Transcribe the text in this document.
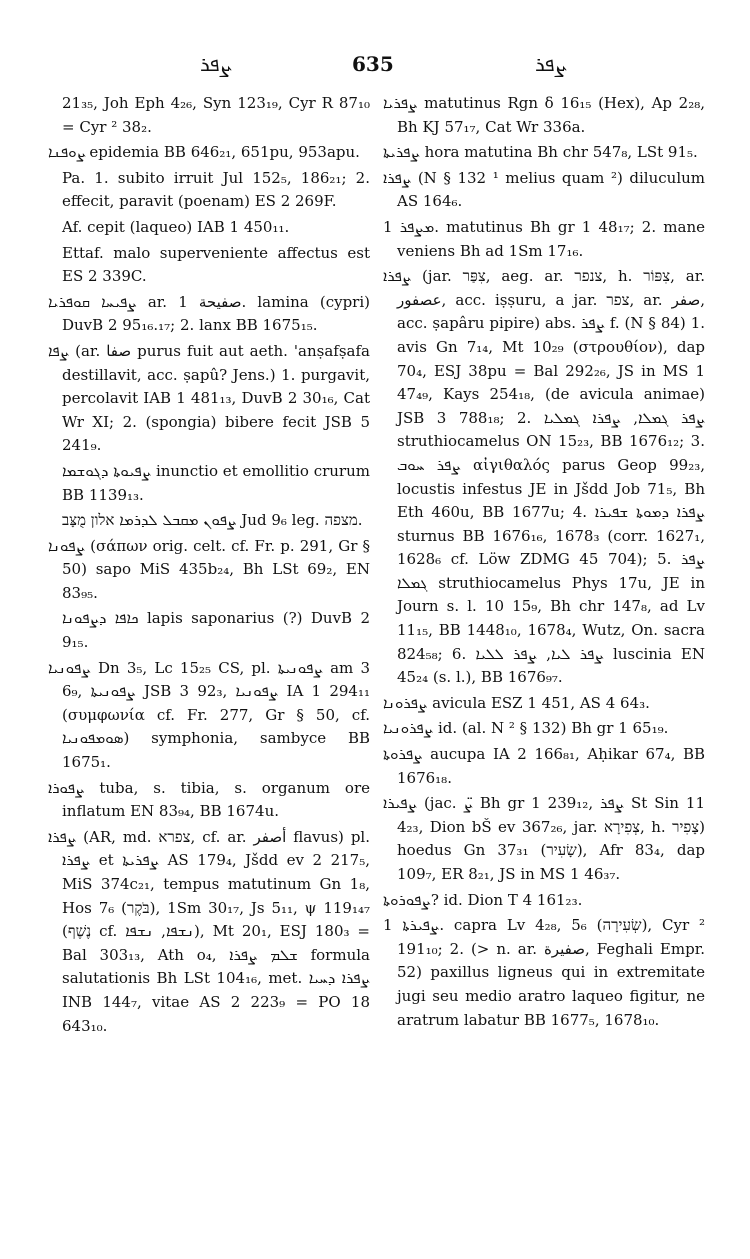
ܨܦܪ	635	ܨܦܪ

21₃₅, Joh Eph 4₂₆, Syn 123₁₉, Cyr R 87₁₀ = Cyr ² 38₂.

ܨܘܦܢܐ epidemia BB 646₂₁, 651pu, 953apu.

Pa. 1. subito irruit Jul 152₅, 186₂₁; 2. effecit, paravit (poenam) ES 2 269F.

Af. cepit (laqueo) IAB 1 450₁₁.

Ettaf. malo superveniente affectus est ES 2 339C.

ܨܦܝܚܐ ܩܘܦܪܝܐ ar. صفيحة 1. lamina (cypri) DuvB 2 95₁₆.₁₇; 2. lanx BB 1675₁₅.

ܨܦܐ (ar. صفا purus fuit aut aeth. 'anṣafṣafa destillavit, acc. ṣapû? Jens.) 1. purgavit, percolavit IAB 1 481₁₃, DuvB 2 30₁₆, Cat Wr XI; 2. (spongia) bibere fecit JSB 5 241₉.

ܨܦܝܘܬܐ ܕܓܘܫܡܐ inunctio et emollitio crurum BB 1139₁₃.

ܨܦܘܢ ܡܩܒܠ ܠܕܪܡܐ אלון מֻצָּב Jud 9₆ leg. מצפה.

ܨܦܘܢܐ (σάπων orig. celt. cf. Fr. p. 291, Gr § 50) sapo MiS 435b₂₄, Bh LSt 69₂, EN 83₉₅.

ܟܐܦܐ ܕܨܦܘܢܐ lapis saponarius (?) DuvB 2 9₁₅.

ܨܦܘܢܝܐ Dn 3₅, Lc 15₂₅ CS, pl. ܨܦܘܢܝܬܐ am 3 6₉, ܨܦܘܢܝܬܐ JSB 3 92₃, ܨܦܘܢܝܐ IA 1 294₁₁ (συμφωνία cf. Fr. 277, Gr § 50, cf. ܣܘܡܦܘܢܝܐ) symphonia, sambyce BB 1675₁.

ܨܦܘܪܐ tuba, s. tibia, s. organum ore inflatum EN 83₉₄, BB 1674u.

ܨܦܪܐ (AR, md. צפרא, cf. ar. أصفر flavus) pl. ܨܦܪܐ et ܨܦܪܝܬܐ AS 179₄, Jšdd ev 2 217₅, MiS 374c₂₁, tempus matutinum Gn 1₈, Hos 7₆ (בֹּקֶר), 1Sm 30₁₇, Js 5₁₁, ψ 119₁₄₇ (נֶשֶׁף cf. ܢܫܦܐ, ܢܫܦܐ), Mt 20₁, ESJ 180₃ = Bal 303₁₃, Ath o₄, ܫܠܡ ܨܦܪܐ formula salutationis Bh LSt 104₁₆, met. ܨܦܪܐ ܕܚܝܐ INB 144₇, vitae AS 2 223₉ = PO 18 643₁₀.

ܨܦܪܝܐ matutinus Rgn δ 16₁₅ (Hex), Ap 2₂₈, Bh KJ 57₁₇, Cat Wr 336a.

ܨܦܪܝܬܐ hora matutina Bh chr 547₈, LSt 91₅.

ܨܦܪܐ (N § 132 ¹ melius quam ²) diluculum AS 164₆.

ܡܨܦܪ 1. matutinus Bh gr 1 48₁₇; 2. mane veniens Bh ad 1Sm 17₁₆.

ܨܦܪܐ (jar. צִפַּר, aeg. ar. צנפר, h. צִפּוֹר, ar. عصفور, acc. iṣṣuru, a jar. צפר, ar. صفر, acc. ṣapâru pipire) abs. ܨܦܪ f. (N § 84) 1. avis Gn 7₁₄, Mt 10₂₉ (στρουθίον), dap 70₄, ESJ 38pu = Bal 292₂₆, JS in MS 1 47₄₉, Kays 254₁₈, (de avicula animae) JSB 3 788₁₈; 2. ܨܦܪ ܓܡܠܐ, ܨܦܪܐ ܓܡܠܝܐ struthiocamelus ON 15₂₃, BB 1676₁₂; 3. ܨܦܪ ܚܘܒ αἰγιθαλός parus Geop 99₂₃, locustis infestus JE in Jšdd Job 71₅, Bh Eth 460u, BB 1677u; 4. ܨܦܪܐ ܕܡܘܬܐ ܫܦܝܪܐ sturnus BB 1676₁₆, 1678₃ (corr. 1627₁, 1628₆ cf. Löw ZDMG 45 704); 5. ܨܦܪ ܓܡܠܐ struthiocamelus Phys 17u, JE in Journ s. l. 10 15₉, Bh chr 147₈, ad Lv 11₁₅, BB 1448₁₀, 1678₄, Wutz, On. sacra 824₅₈; 6. ܨܦܪ ܠܝܐ, ܨܦܪ ܠܠܝܐ luscinia EN 45₂₄ (s. l.), BB 1676₉₇.

ܨܦܪܘܢܐ avicula ESZ 1 451, AS 4 64₃.

ܨܦܪܘܢܝܐ id. (al. N ² § 132) Bh gr 1 65₁₉.

ܨܦܪܘܬܐ aucupa IA 2 166₈₁, Aḥikar 67₄, BB 1676₁₈.

ܨܦܝܪܐ (jac. ܨ̈ Bh gr 1 239₁₂, ܨܦܪ St Sin 11 4₂₃, Dion bŠ ev 367₂₆, jar. צְפִירָא, h. צָפִיר) hoedus Gn 37₃₁ (שָׂעִיר), Afr 83₄, dap 109₇, ER 8₂₁, JS in MS 1 46₃₇.

ܨܦܘܪܘܬܐ? id. Dion T 4 161₂₃.

ܨܦܝܪܬܐ 1. capra Lv 4₂₈, 5₆ (שְׂעִירָה), Cyr ² 191₁₀; 2. (> n. ar. صفيرة, Feghali Empr. 52) paxillus ligneus qui in extremitate jugi seu medio aratro laqueo figitur, ne aratrum labatur BB 1677₅, 1678₁₀.
